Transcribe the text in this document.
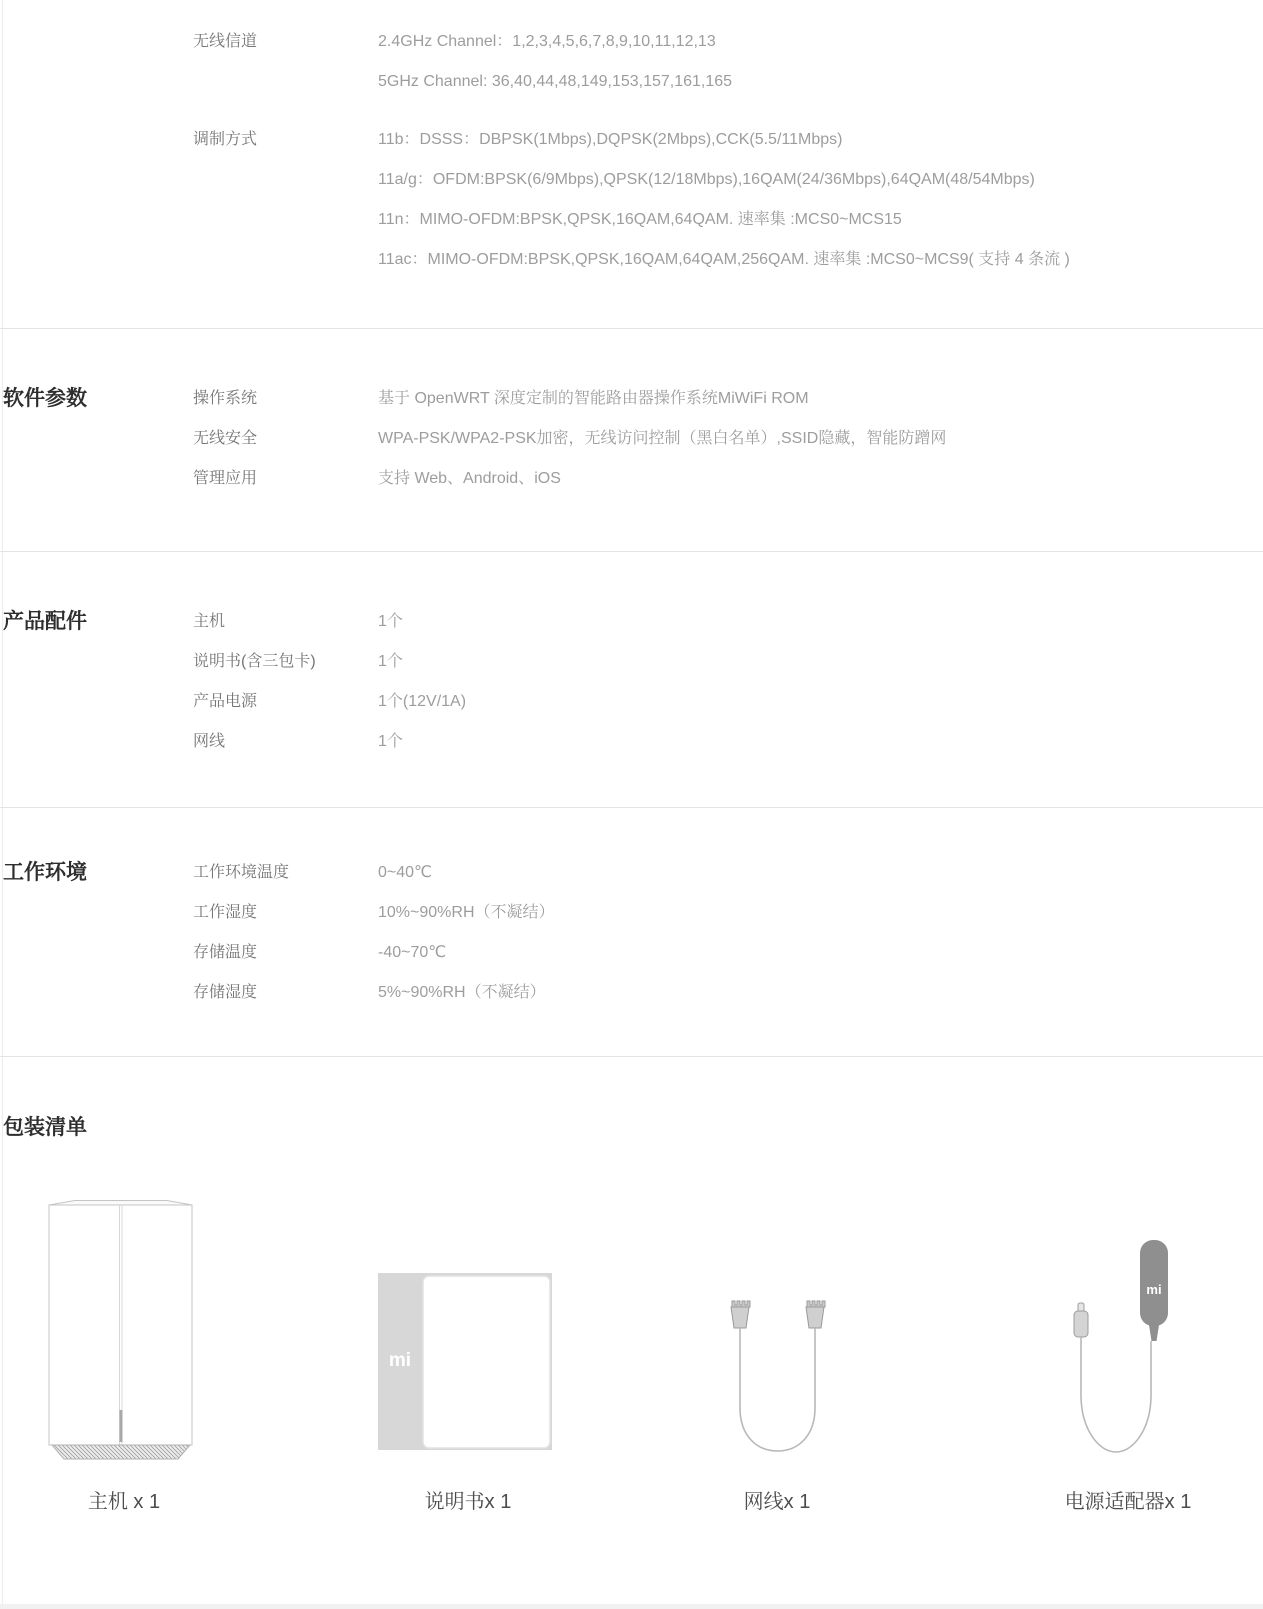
无线信道	2.4GHz Channel：1,2,3,4,5,6,7,8,9,10,11,12,13
5GHz Channel: 36,40,44,48,149,153,157,161,165
调制方式	11b：DSSS：DBPSK(1Mbps),DQPSK(2Mbps),CCK(5.5/11Mbps)
11a/g：OFDM:BPSK(6/9Mbps),QPSK(12/18Mbps),16QAM(24/36Mbps),64QAM(48/54Mbps)
11n：MIMO-OFDM:BPSK,QPSK,16QAM,64QAM. 速率集 :MCS0~MCS15
11ac：MIMO-OFDM:BPSK,QPSK,16QAM,64QAM,256QAM. 速率集 :MCS0~MCS9( 支持 4 条流 )
软件参数	操作系统	基于 OpenWRT 深度定制的智能路由器操作系统MiWiFi ROM
无线安全	WPA-PSK/WPA2-PSK加密，无线访问控制（黑白名单）,SSID隐藏，智能防蹭网
管理应用	支持 Web、Android、iOS
产品配件	主机	1个
说明书(含三包卡)	1个
产品电源	1个(12V/1A)
网线	1个
工作环境	工作环境温度	0~40℃
工作湿度	10%~90%RH（不凝结）
存储温度	-40~70℃
存储湿度	5%~90%RH（不凝结）
包装清单
mi
mi
主机 x 1	说明书x 1	网线x 1	电源适配器x 1
